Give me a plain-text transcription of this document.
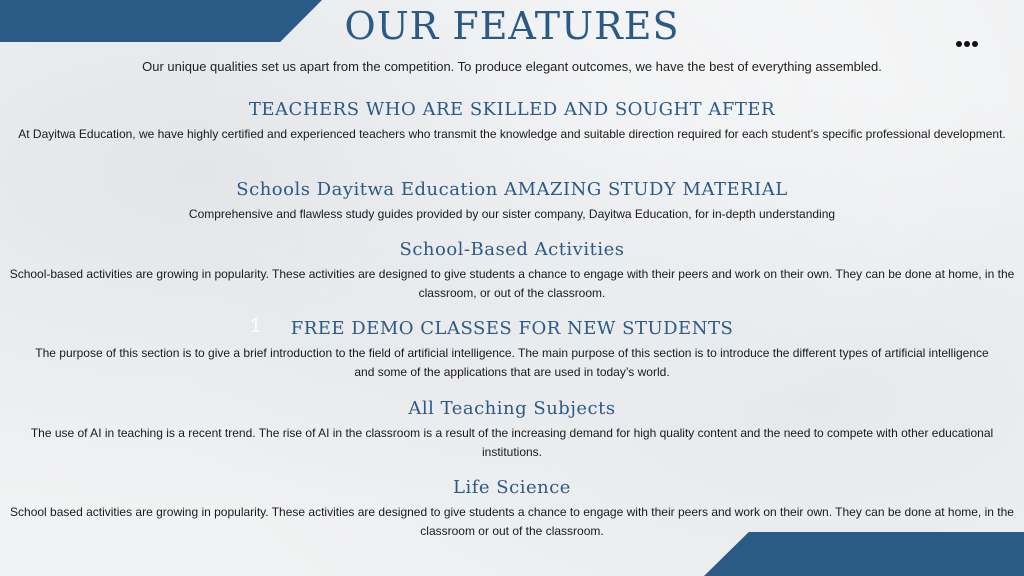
OUR FEATURES

Our unique qualities set us apart from the competition. To produce elegant outcomes, we have the best of everything assembled.

TEACHERS WHO ARE SKILLED AND SOUGHT AFTER

At Dayitwa Education, we have highly certified and experienced teachers who transmit the knowledge and suitable direction required for each student's specific professional development.

Schools Dayitwa Education AMAZING STUDY MATERIAL

Comprehensive and flawless study guides provided by our sister company, Dayitwa Education, for in-depth understanding

School-Based Activities

School-based activities are growing in popularity. These activities are designed to give students a chance to engage with their peers and work on their own. They can be done at home, in the classroom, or out of the classroom.

1	FREE DEMO CLASSES FOR NEW STUDENTS

The purpose of this section is to give a brief introduction to the field of artificial intelligence. The main purpose of this section is to introduce the different types of artificial intelligence and some of the applications that are used in today’s world.

All Teaching Subjects

The use of AI in teaching is a recent trend. The rise of AI in the classroom is a result of the increasing demand for high quality content and the need to compete with other educational institutions.

Life Science

School based activities are growing in popularity. These activities are designed to give students a chance to engage with their peers and work on their own. They can be done at home, in the classroom or out of the classroom.
